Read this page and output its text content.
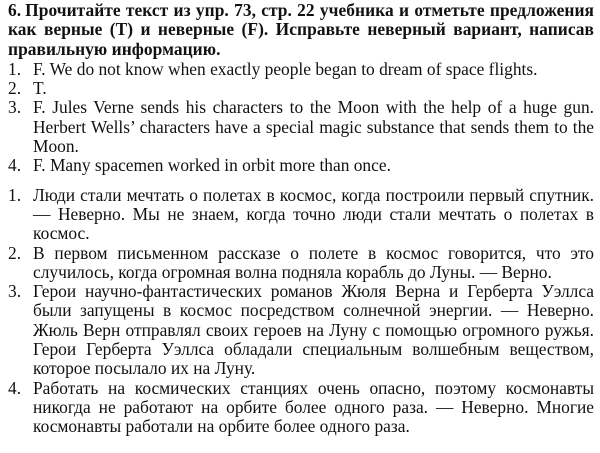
6. Прочитайте текст из упр. 73, стр. 22 учебника и отметьте предложения как верные (T) и неверные (F). Исправьте неверный вариант, написав правильную информацию.

1. F. We do not know when exactly people began to dream of space flights.
2. T.
3. F. Jules Verne sends his characters to the Moon with the help of a huge gun. Herbert Wells’ characters have a special magic substance that sends them to the Moon.
4. F. Many spacemen worked in orbit more than once.
1. Люди стали мечтать о полетах в космос, когда построили первый спутник. — Неверно. Мы не знаем, когда точно люди стали мечтать о полетах в космос.
2. В первом письменном рассказе о полете в космос говорится, что это случилось, когда огромная волна подняла корабль до Луны. — Верно.
3. Герои научно-фантастических романов Жюля Верна и Герберта Уэллса были запущены в космос посредством солнечной энергии. — Неверно. Жюль Верн отправлял своих героев на Луну с помощью огромного ружья. Герои Герберта Уэллса обладали специальным волшебным веществом, которое посылало их на Луну.
4. Работать на космических станциях очень опасно, поэтому космонавты никогда не работают на орбите более одного раза. — Неверно. Многие космонавты работали на орбите более одного раза.
